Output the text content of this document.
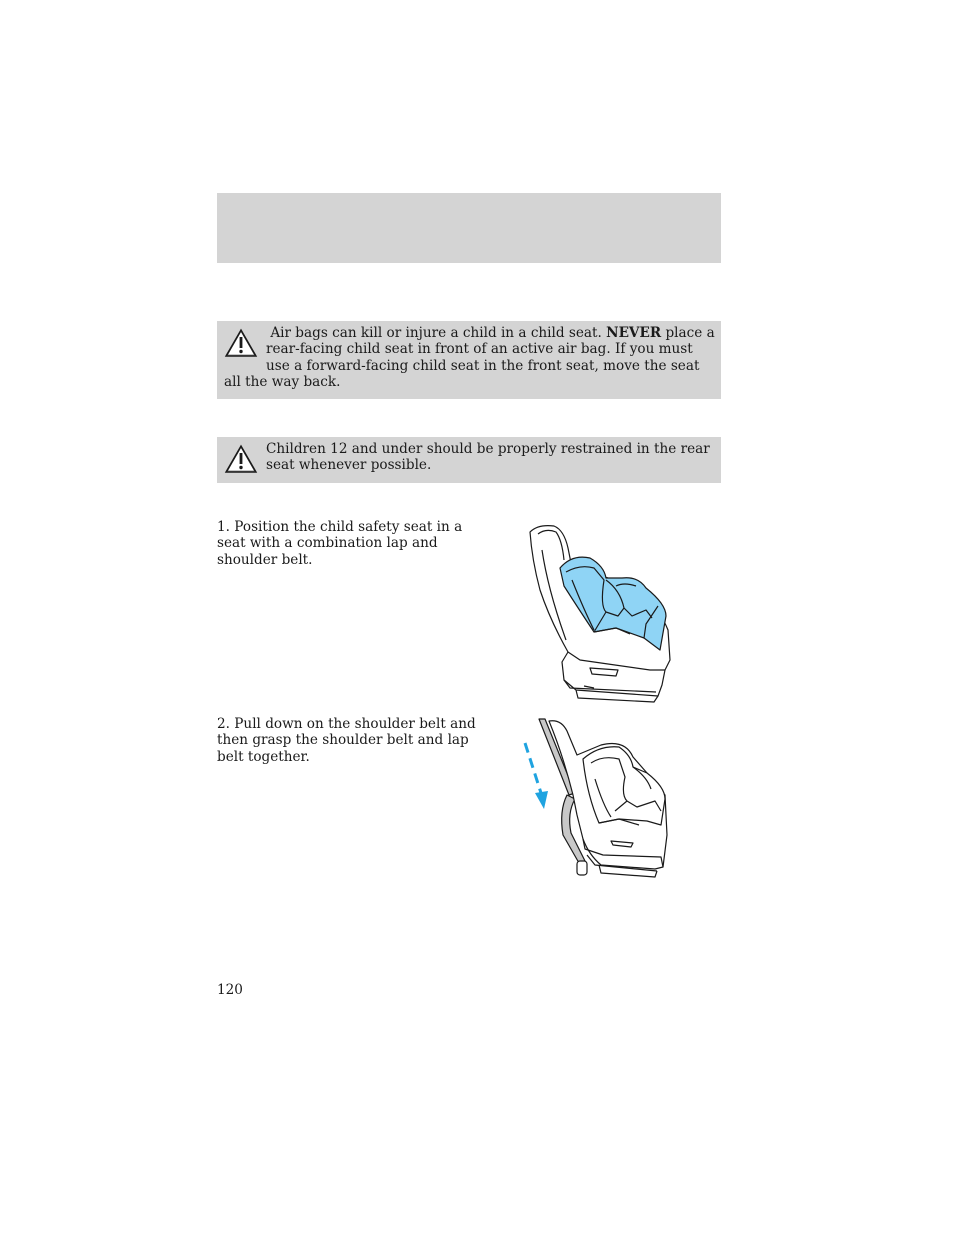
Air bags can kill or injure a child in a child seat. NEVER place a rear-facing child seat in front of an active air bag. If you must use a forward-facing child seat in the front seat, move the seat all the way back.
Children 12 and under should be properly restrained in the rear seat whenever possible.
1. Position the child safety seat in a seat with a combination lap and shoulder belt.
2. Pull down on the shoulder belt and then grasp the shoulder belt and lap belt together.
120
